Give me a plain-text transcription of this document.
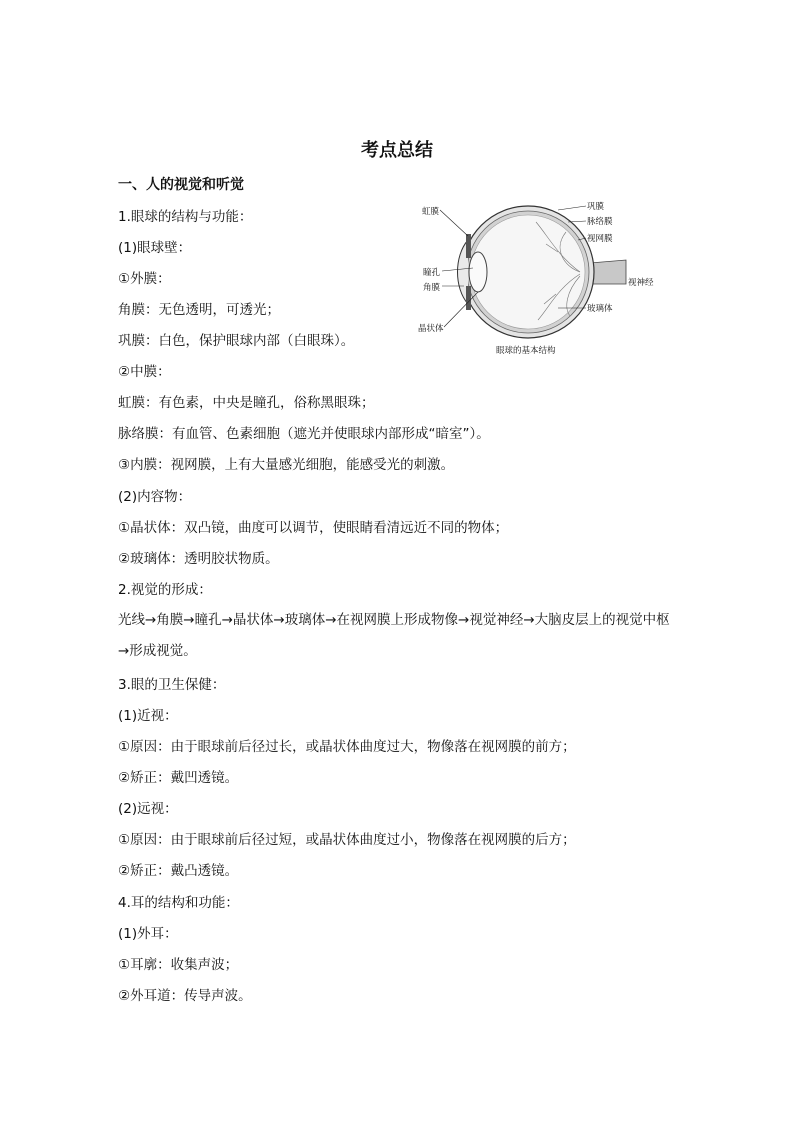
考点总结
一、人的视觉和听觉
1.眼球的结构与功能：
(1)眼球壁：
①外膜：
角膜：无色透明，可透光；
巩膜：白色，保护眼球内部（白眼珠）。
②中膜：
虹膜：有色素，中央是瞳孔，俗称黑眼珠；
脉络膜：有血管、色素细胞（遮光并使眼球内部形成“暗室”）。
③内膜：视网膜，上有大量感光细胞，能感受光的刺激。
(2)内容物：
①晶状体：双凸镜，曲度可以调节，使眼睛看清远近不同的物体；
②玻璃体：透明胶状物质。
2.视觉的形成：
光线→角膜→瞳孔→晶状体→玻璃体→在视网膜上形成物像→视觉神经→大脑皮层上的视觉中枢→形成视觉。
3.眼的卫生保健：
(1)近视：
①原因：由于眼球前后径过长，或晶状体曲度过大，物像落在视网膜的前方；
②矫正：戴凹透镜。
(2)远视：
①原因：由于眼球前后径过短，或晶状体曲度过小，物像落在视网膜的后方；
②矫正：戴凸透镜。
4.耳的结构和功能：
(1)外耳：
①耳廓：收集声波；
②外耳道：传导声波。
虹膜
瞳孔
角膜
晶状体
巩膜
脉络膜
视网膜
视神经
玻璃体
眼球的基本结构
